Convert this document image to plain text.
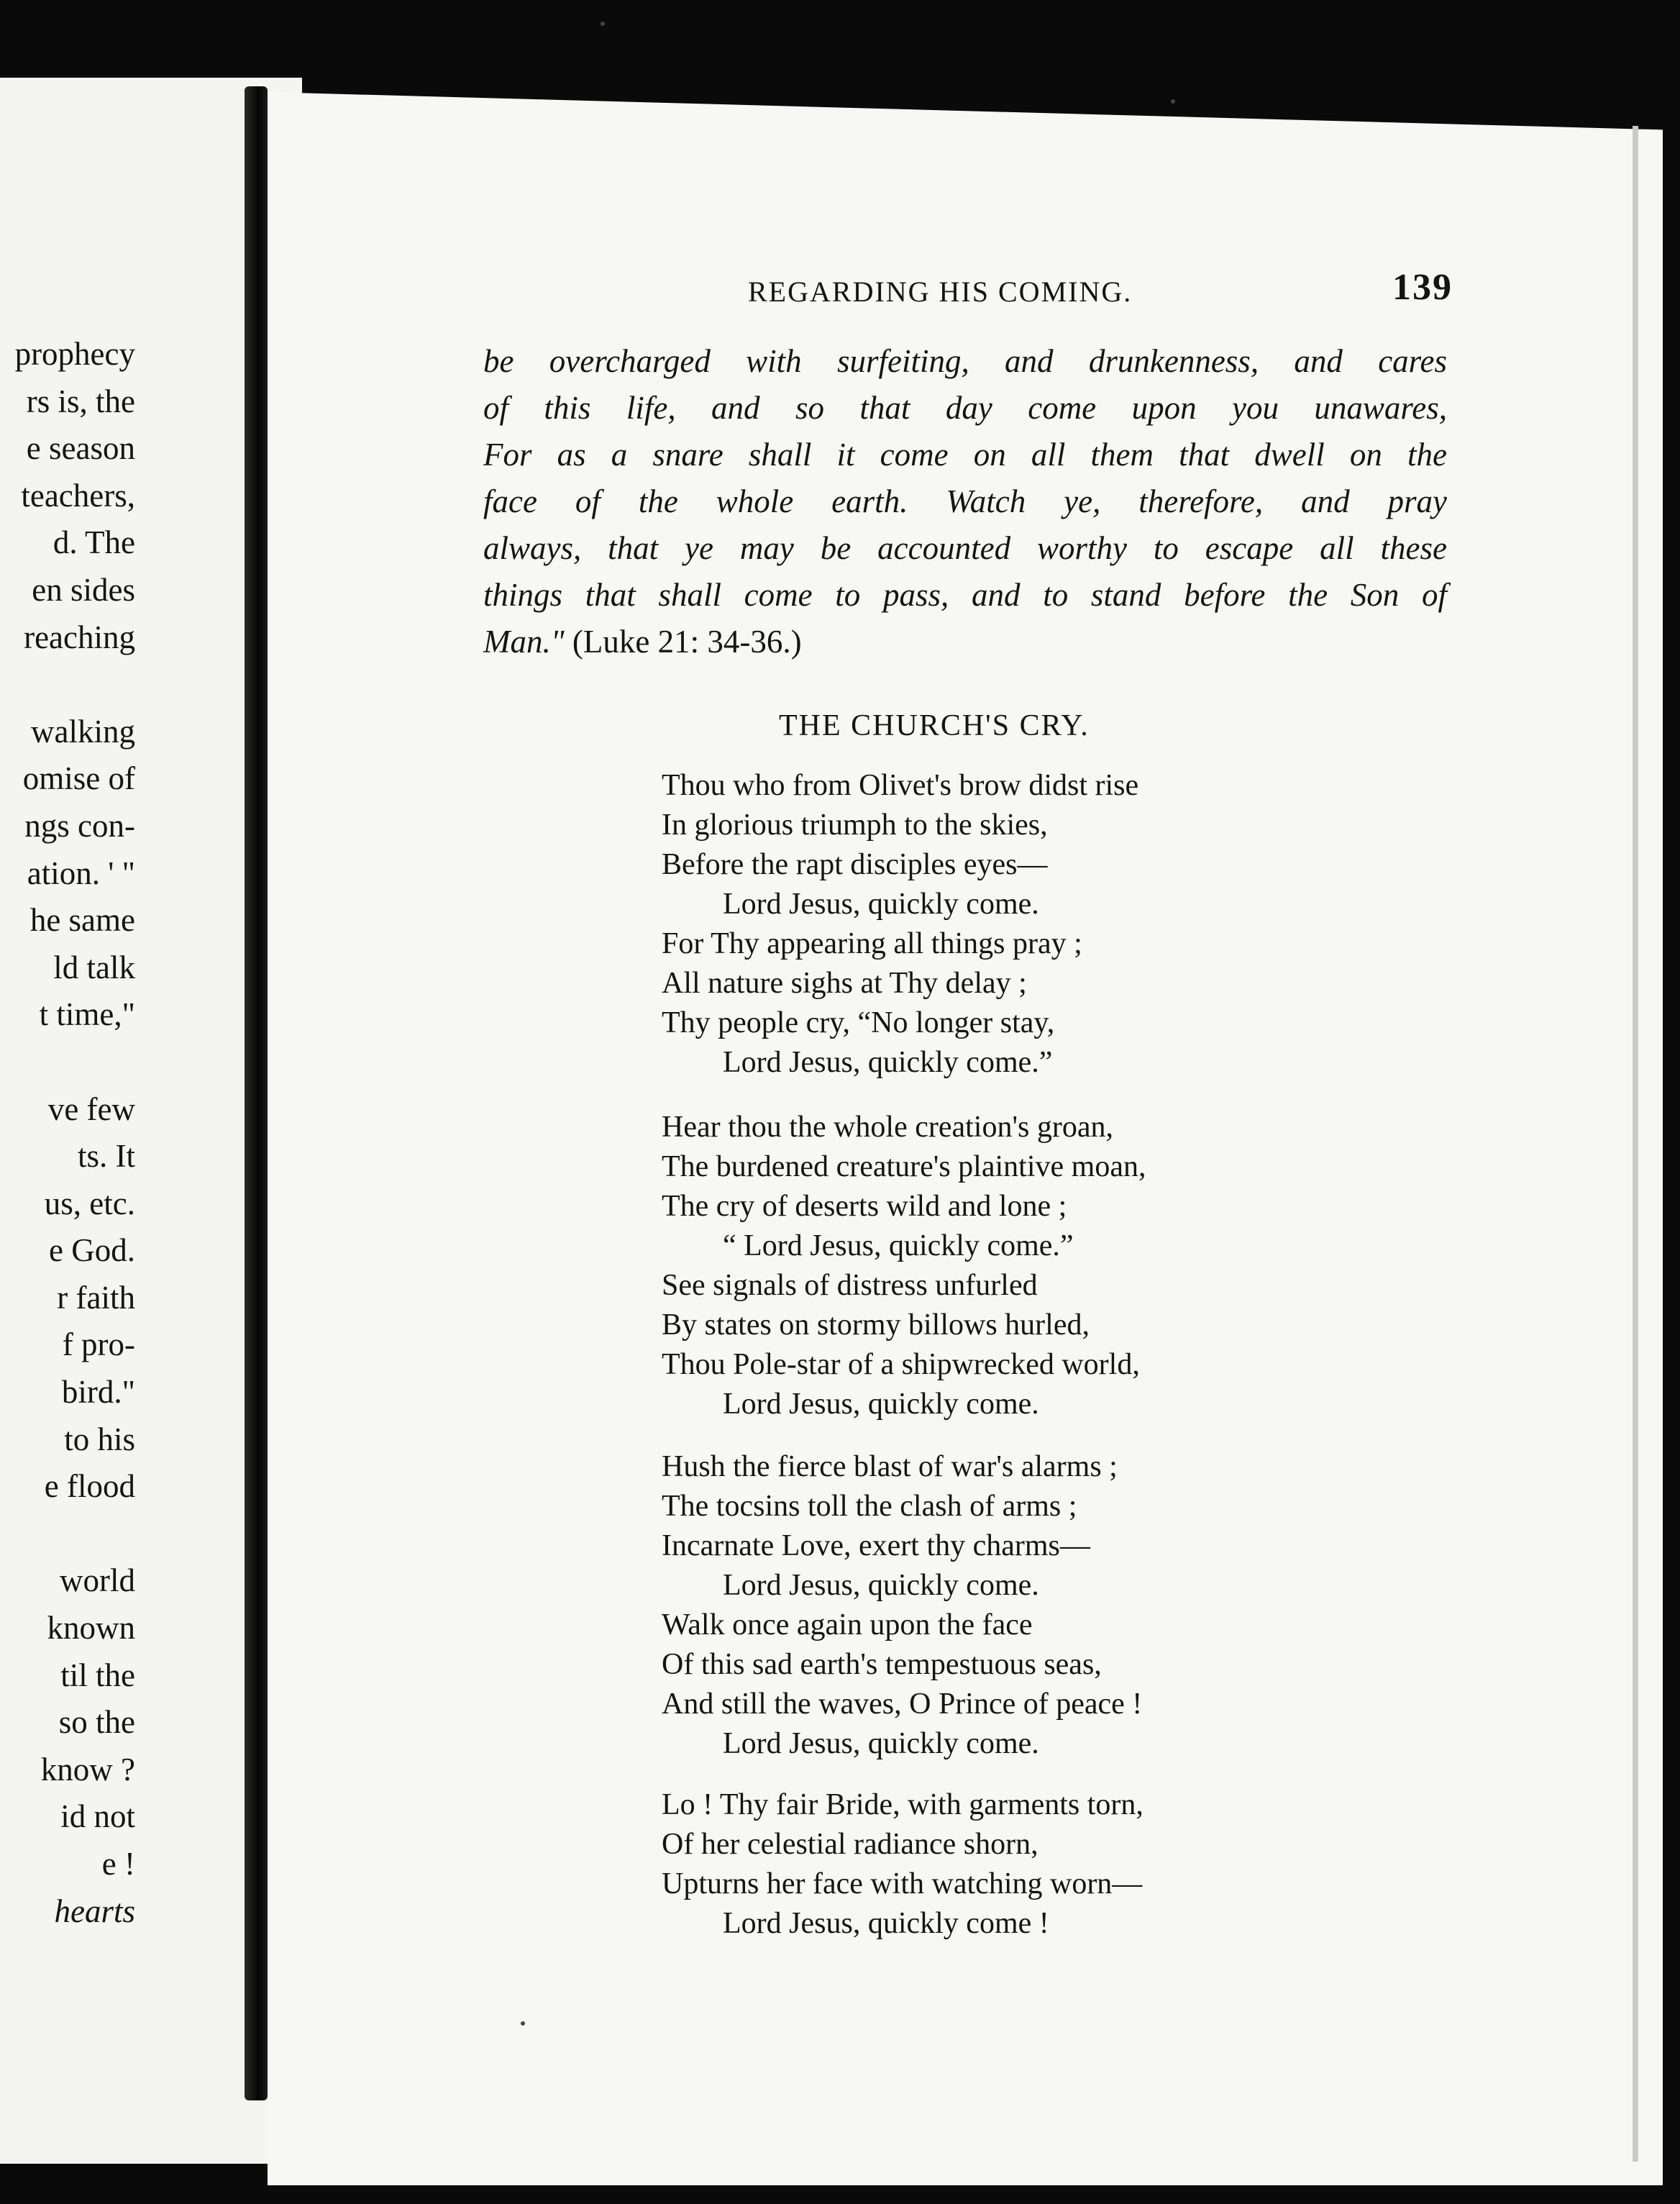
prophecy
rs is, the
e season
teachers,
d. The
en sides
reaching
walking
omise of
ngs con-
ation. ' "
he same
ld talk
t time,"
ve few
ts. It
us, etc.
e God.
r faith
f pro-
bird."
to his
e flood
world
known
til the
so the
know ?
id not
e !
hearts
REGARDING HIS COMING.	139
be overcharged with surfeiting, and drunkenness, and cares
of this life, and so that day come upon you unawares,
For as a snare shall it come on all them that dwell on the
face of the whole earth. Watch ye, therefore, and pray
always, that ye may be accounted worthy to escape all these
things that shall come to pass, and to stand before the Son of
Man." (Luke 21: 34-36.)
THE CHURCH'S CRY.
Thou who from Olivet's brow didst rise
In glorious triumph to the skies,
Before the rapt disciples eyes—
Lord Jesus, quickly come.
For Thy appearing all things pray ;
All nature sighs at Thy delay ;
Thy people cry, “No longer stay,
Lord Jesus, quickly come.”
Hear thou the whole creation's groan,
The burdened creature's plaintive moan,
The cry of deserts wild and lone ;
“ Lord Jesus, quickly come.”
See signals of distress unfurled
By states on stormy billows hurled,
Thou Pole-star of a shipwrecked world,
Lord Jesus, quickly come.
Hush the fierce blast of war's alarms ;
The tocsins toll the clash of arms ;
Incarnate Love, exert thy charms—
Lord Jesus, quickly come.
Walk once again upon the face
Of this sad earth's tempestuous seas,
And still the waves, O Prince of peace !
Lord Jesus, quickly come.
Lo ! Thy fair Bride, with garments torn,
Of her celestial radiance shorn,
Upturns her face with watching worn—
Lord Jesus, quickly come !
